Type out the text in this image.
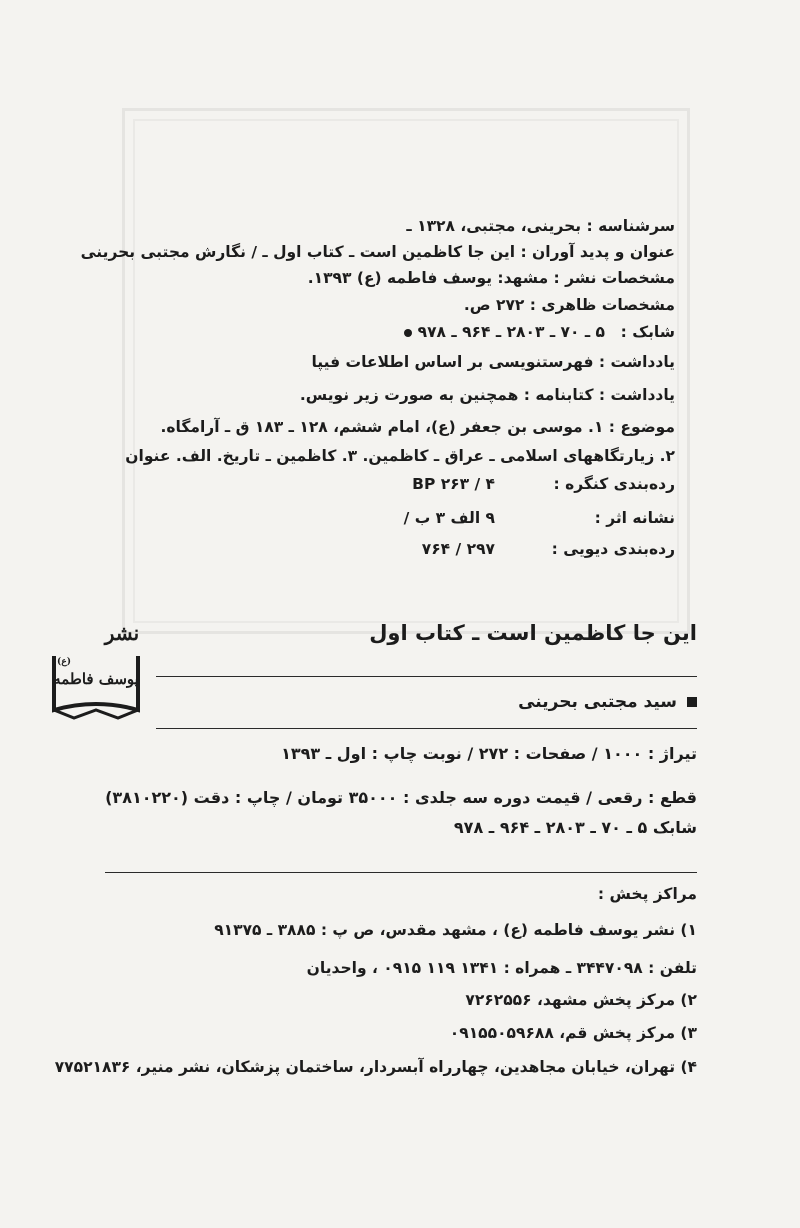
سرشناسه : بحرینی، مجتبی، ۱۳۲۸ ـ
عنوان و پدید آوران : این جا کاظمین است ـ کتاب اول ـ / نگارش مجتبی بحرینی
مشخصات نشر : مشهد: یوسف فاطمه (ع) ۱۳۹۳.
مشخصات ظاهری : ۲۷۲ ص.
شابک :
۵ ـ ۷۰ ـ ۲۸۰۳ ـ ۹۶۴ ـ ۹۷۸
یادداشت : فهرستنویسی بر اساس اطلاعات فیپا
یادداشت : کتابنامه : همچنین به صورت زیر نویس.
موضوع : ۱. موسی بن جعفر (ع)، امام ششم، ۱۲۸ ـ ۱۸۳ ق ـ آرامگاه.
۲. زیارتگاههای اسلامی ـ عراق ـ کاظمین. ۳. کاظمین ـ تاریخ. الف. عنوان
رده‌بندی کنگره :
BP ۲۶۳ / ۴
نشانه اثر :
۹ الف ۳ ب /
رده‌بندی دیویی :
۲۹۷ / ۷۶۴
نشر
یوسف فاطمه
(ع)
این جا کاظمین است ـ کتاب اول
سید مجتبی بحرینی
تیراژ : ۱۰۰۰ / صفحات : ۲۷۲ / نوبت چاپ : اول ـ ۱۳۹۳
قطع : رقعی / قیمت دوره سه جلدی : ۳۵۰۰۰ تومان / چاپ : دقت (۳۸۱۰۲۲۰)
شابک ۵ ـ ۷۰ ـ ۲۸۰۳ ـ ۹۶۴ ـ ۹۷۸
مراکز پخش :
۱) نشر یوسف فاطمه (ع) ، مشهد مقدس، ص پ : ۳۸۸۵ ـ ۹۱۳۷۵
تلفن : ۳۴۴۷۰۹۸ ـ همراه : ۱۳۴۱ ۱۱۹ ۰۹۱۵ ، واحدیان
۲) مرکز پخش مشهد، ۷۲۶۲۵۵۶
۳) مرکز پخش قم، ۰۹۱۵۵۰۵۹۶۸۸
۴) تهران، خیابان مجاهدین، چهارراه آبسردار، ساختمان پزشکان، نشر منیر، ۷۷۵۲۱۸۳۶
